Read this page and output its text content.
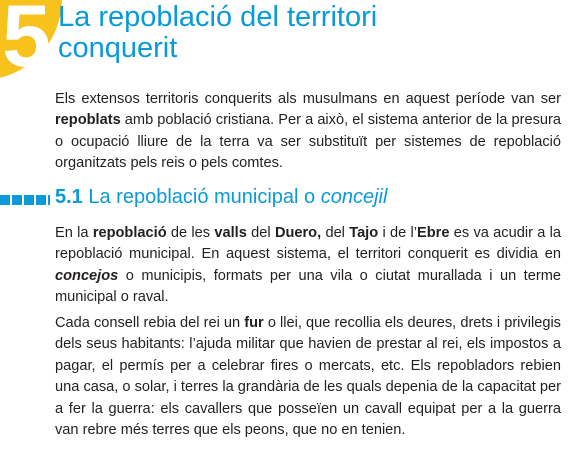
5 La repoblació del territori
conquerit

Els extensos territoris conquerits als musulmans en aquest període van ser repoblats amb població cristiana. Per a això, el sistema anterior de la presura o ocupació lliure de la terra va ser substituït per sistemes de repoblació organitzats pels reis o pels comtes.

5.1 La repoblació municipal o concejil

En la repoblació de les valls del Duero, del Tajo i de l’Ebre es va acudir a la repoblació municipal. En aquest sistema, el territori conquerit es dividia en concejos o municipis, formats per una vila o ciutat murallada i un terme municipal o raval.

Cada consell rebia del rei un fur o llei, que recollia els deures, drets i privilegis dels seus habitants: l’ajuda militar que havien de prestar al rei, els impostos a pagar, el permís per a celebrar fires o mercats, etc. Els repobladors rebien una casa, o solar, i terres la grandària de les quals depenia de la capacitat per a fer la guerra: els cavallers que posseïen un cavall equipat per a la guerra van rebre més terres que els peons, que no en tenien.
